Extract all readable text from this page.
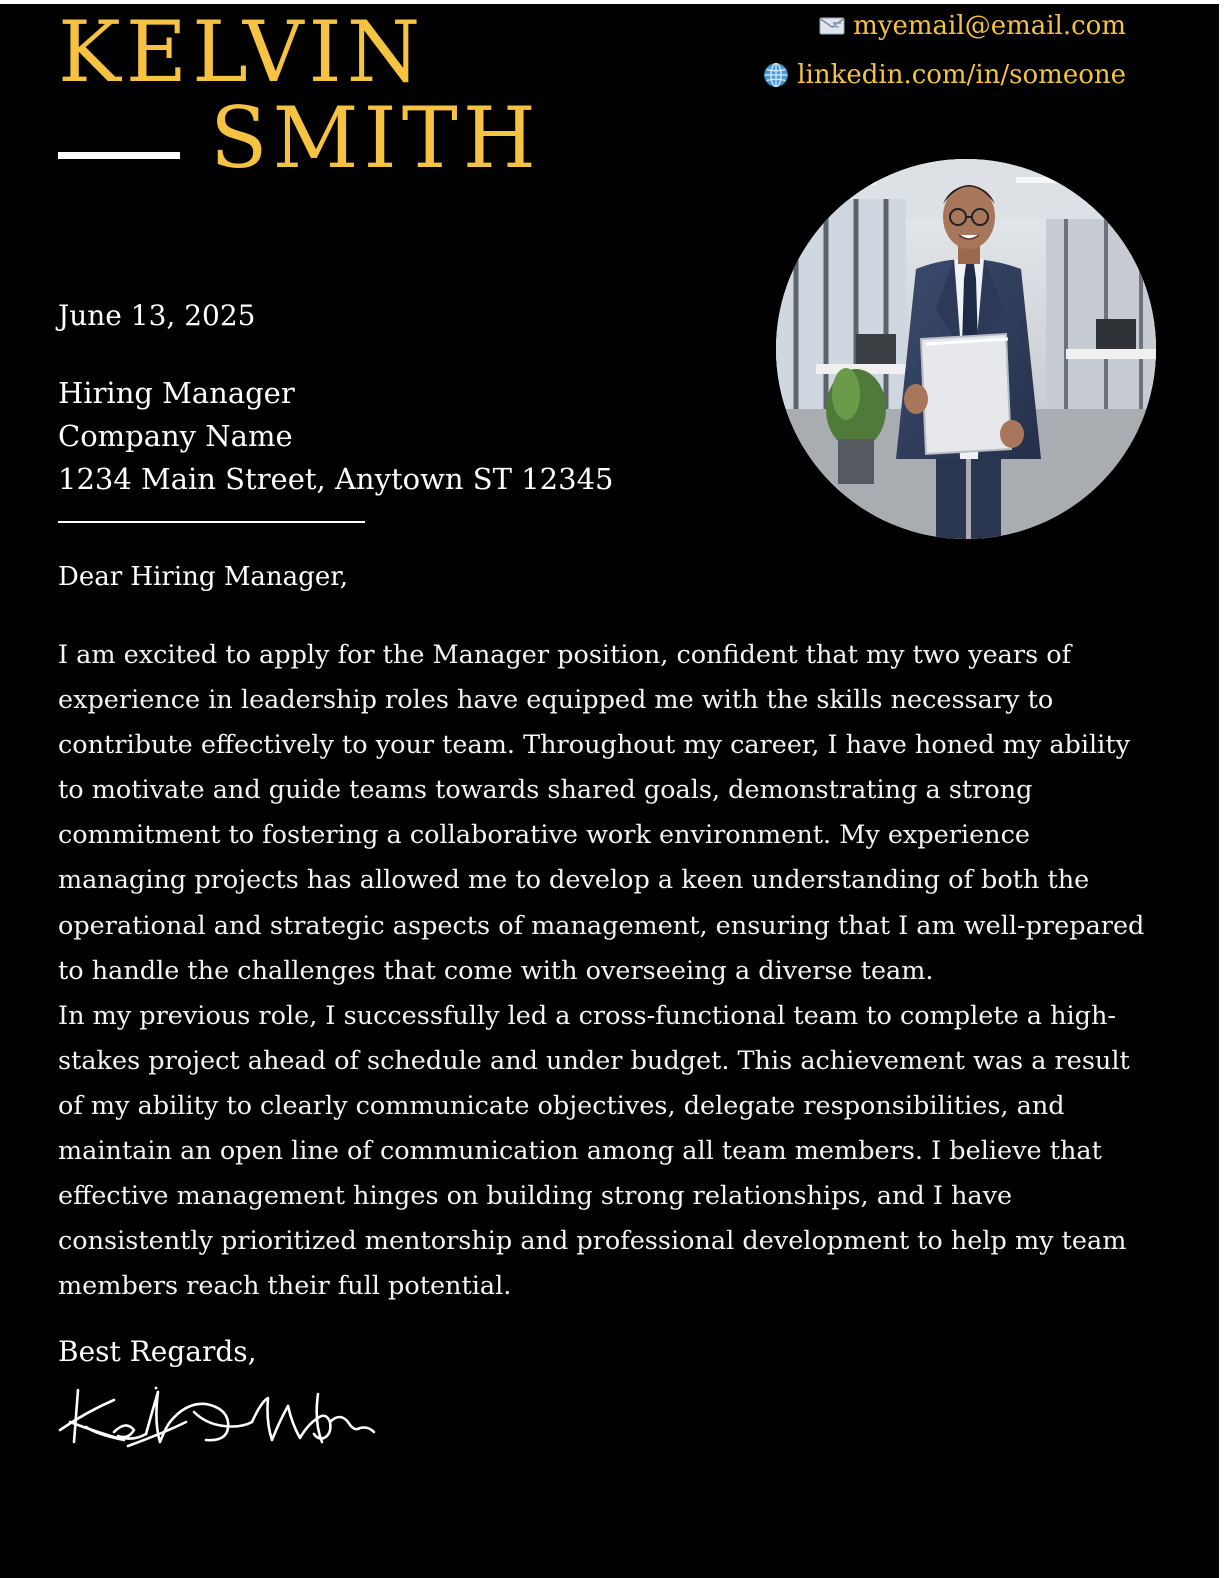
KELVIN
SMITH
myemail@email.com
linkedin.com/in/someone
June 13, 2025
Hiring Manager
Company Name
1234 Main Street, Anytown ST 12345
Dear Hiring Manager,

I am excited to apply for the Manager position, confident that my two years of experience in leadership roles have equipped me with the skills necessary to contribute effectively to your team. Throughout my career, I have honed my ability to motivate and guide teams towards shared goals, demonstrating a strong commitment to fostering a collaborative work environment. My experience managing projects has allowed me to develop a keen understanding of both the operational and strategic aspects of management, ensuring that I am well-prepared to handle the challenges that come with overseeing a diverse team.

In my previous role, I successfully led a cross-functional team to complete a high-stakes project ahead of schedule and under budget. This achievement was a result of my ability to clearly communicate objectives, delegate responsibilities, and maintain an open line of communication among all team members. I believe that effective management hinges on building strong relationships, and I have consistently prioritized mentorship and professional development to help my team members reach their full potential.

Best Regards,
